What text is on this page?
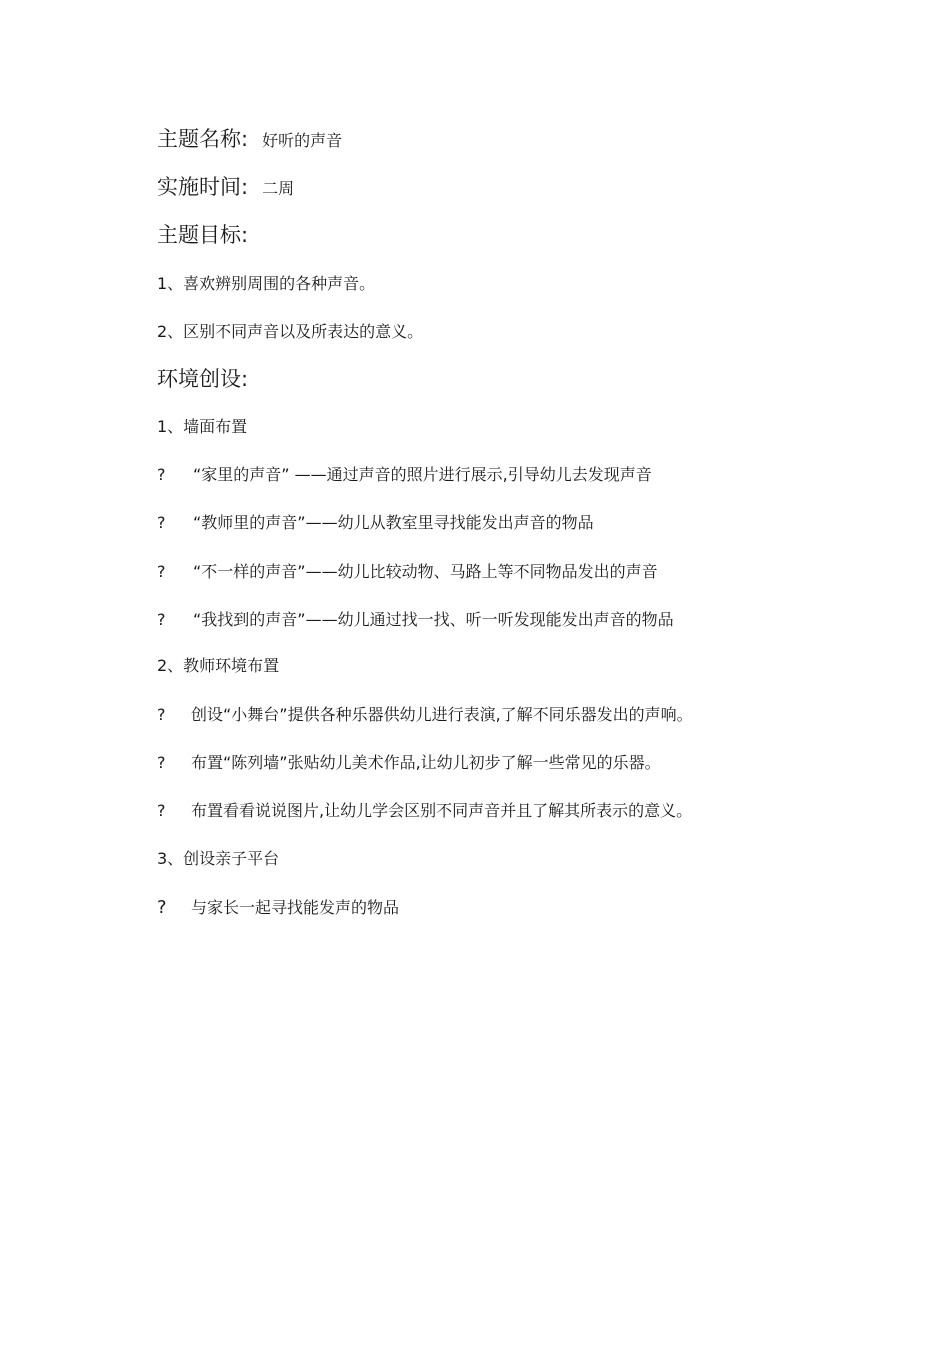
主题名称: 好听的声音
实施时间: 二周
主题目标:
1、喜欢辨别周围的各种声音。
2、区别不同声音以及所表达的意义。
环境创设:
1、墙面布置
? “家里的声音” ——通过声音的照片进行展示,引导幼儿去发现声音
? “教师里的声音”——幼儿从教室里寻找能发出声音的物品
? “不一样的声音”——幼儿比较动物、马路上等不同物品发出的声音
? “我找到的声音”——幼儿通过找一找、听一听发现能发出声音的物品
2、教师环境布置
? 创设“小舞台”提供各种乐器供幼儿进行表演,了解不同乐器发出的声响。
? 布置“陈列墙”张贴幼儿美术作品,让幼儿初步了解一些常见的乐器。
? 布置看看说说图片,让幼儿学会区别不同声音并且了解其所表示的意义。
3、创设亲子平台
? 与家长一起寻找能发声的物品
